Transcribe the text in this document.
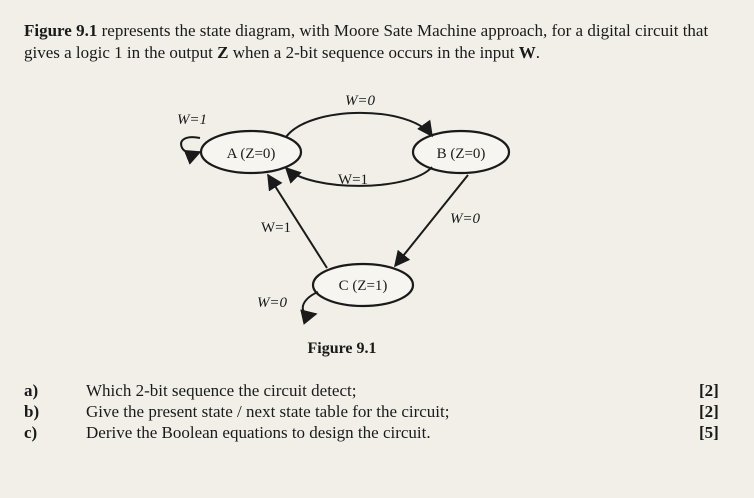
Figure 9.1 represents the state diagram, with Moore Sate Machine approach, for a digital circuit that gives a logic 1 in the output Z when a 2-bit sequence occurs in the input W.
A (Z=0)	B (Z=0)
C (Z=1)
W=0
W=1
W=0
W=1
W=1
W=0
Figure 9.1
a)	Which 2-bit sequence the circuit detect;	[2]
b)	Give the present state / next state table for the circuit;	[2]
c)	Derive the Boolean equations to design the circuit.	[5]
